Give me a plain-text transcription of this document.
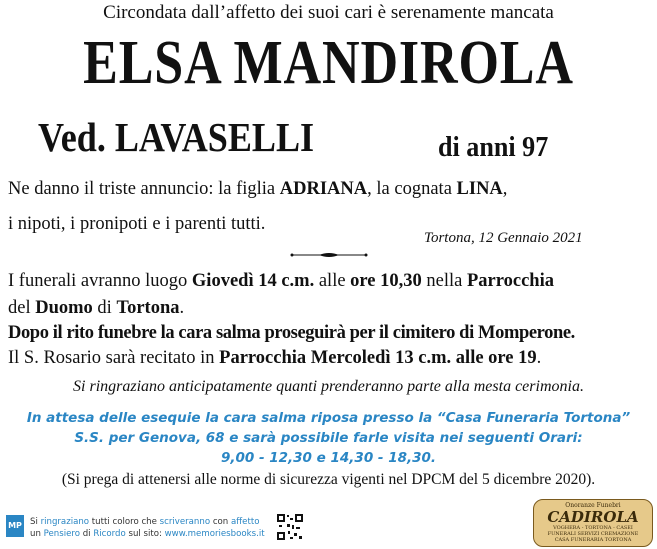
Circondata dall’affetto dei suoi cari è serenamente mancata
ELSA MANDIROLA
Ved. LAVASELLI	di anni 97
Ne danno il triste annuncio: la figlia ADRIANA, la cognata LINA,
i nipoti, i pronipoti e i parenti tutti.
Tortona, 12 Gennaio 2021
I funerali avranno luogo Giovedì 14 c.m. alle ore 10,30 nella Parrocchia
del Duomo di Tortona.
Dopo il rito funebre la cara salma proseguirà per il cimitero di Momperone.
Il S. Rosario sarà recitato in Parrocchia Mercoledì 13 c.m. alle ore 19.
Si ringraziano anticipatamente quanti prenderanno parte alla mesta cerimonia.
In attesa delle esequie la cara salma riposa presso la “Casa Funeraria Tortona”
S.S. per Genova, 68 e sarà possibile farle visita nei seguenti Orari:
9,00 - 12,30 e 14,30 - 18,30.
(Si prega di attenersi alle norme di sicurezza vigenti nel DPCM del 5 dicembre 2020).
MP Si ringraziano tutti coloro che scriveranno con affetto
un Pensiero di Ricordo sul sito: www.memoriesbooks.it
Onoranze Funebri
CADIROLA
VOGHERA - TORTONA - CASEI
FUNERALI SERVIZI CREMAZIONE
CASA FUNERARIA TORTONA
